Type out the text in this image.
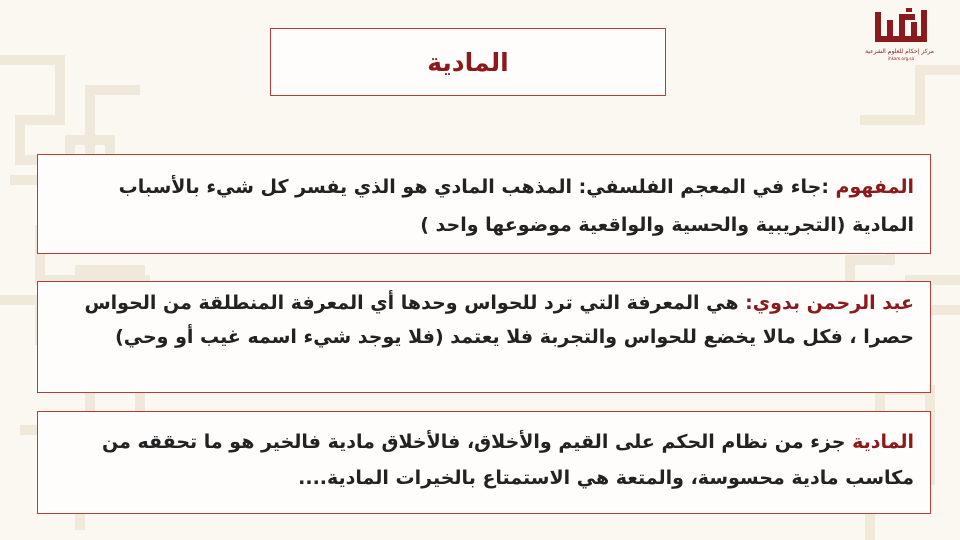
مركز إحكام للعلوم الشرعية
ihkam.org.sa
المادية

المفهوم :جاء في المعجم الفلسفي: المذهب المادي هو الذي يفسر كل شيء بالأسباب المادية (التجريبية والحسية والواقعية موضوعها واحد )

عبد الرحمن بدوي: هي المعرفة التي ترد للحواس وحدها أي المعرفة المنطلقة من الحواس حصرا ، فكل مالا يخضع للحواس والتجربة فلا يعتمد (فلا يوجد شيء اسمه غيب أو وحي)

المادية جزء من نظام الحكم على القيم والأخلاق، فالأخلاق مادية فالخير هو ما تحققه من مكاسب مادية محسوسة، والمتعة هي الاستمتاع بالخيرات المادية....
